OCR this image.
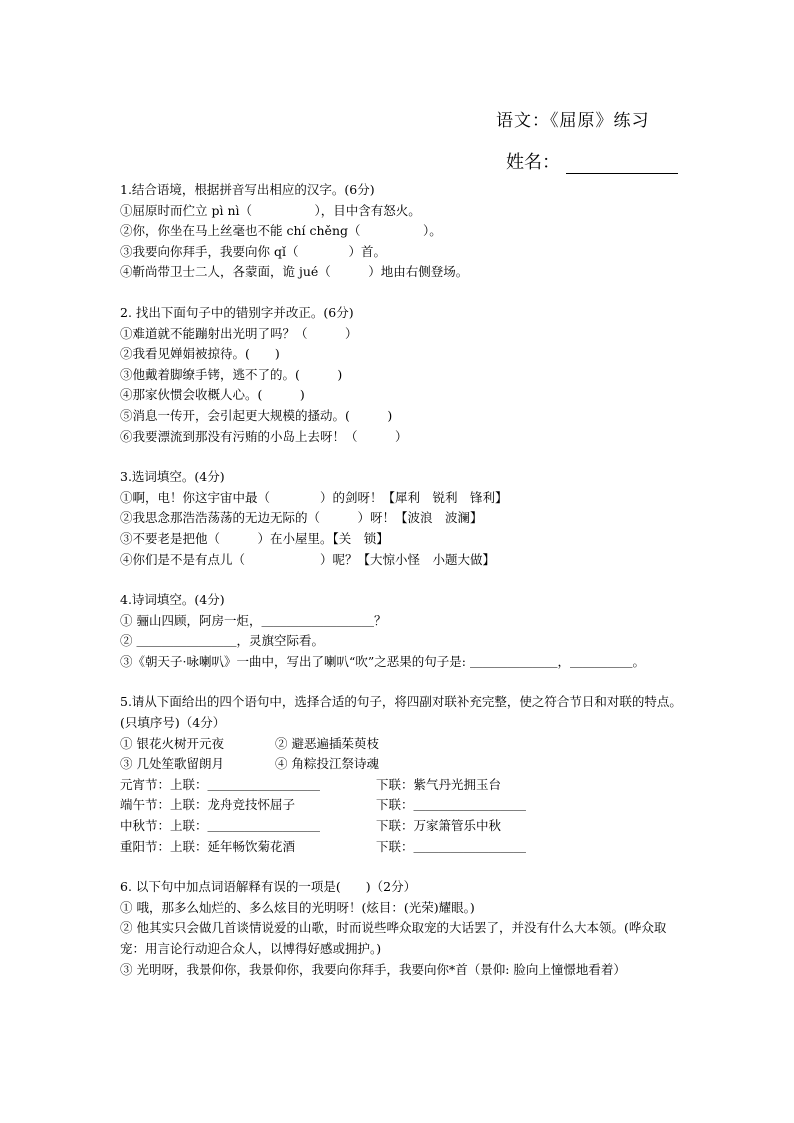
语文：《屈原》练习
姓名：
1.结合语境，根据拼音写出相应的汉字。(6分)
①屈原时而伫立 pì nì（　　　　　），目中含有怒火。
②你，你坐在马上丝毫也不能 chí chěng（　　　　　）。
③我要向你拜手，我要向你 qǐ（　　　　）首。
④靳尚带卫士二人，各蒙面，诡 jué（　　　）地由右侧登场。
2. 找出下面句子中的错别字并改正。(6分)
①难道就不能蹦射出光明了吗？（　　　）
②我看见婵娟被掠待。(　　)
③他戴着脚缭手铐，逃不了的。(　　　)
④那家伙惯会收概人心。(　　　)
⑤消息一传开，会引起更大规模的搔动。(　　　)
⑥我要漂流到那没有污贿的小岛上去呀！（　　　）
3.选词填空。(4分)
①啊，电！你这宇宙中最（　　　　）的剑呀！【犀利　锐利　锋利】
②我思念那浩浩荡荡的无边无际的（　　　）呀！【波浪　波澜】
③不要老是把他（　　　）在小屋里。【关　锁】
④你们是不是有点儿（　　　　　　）呢？【大惊小怪　小题大做】
4.诗词填空。(4分)
① 骊山四顾，阿房一炬，＿＿＿＿＿＿＿＿＿？
② ＿＿＿＿＿＿＿＿，灵旗空际看。
③《朝天子·咏喇叭》一曲中，写出了喇叭“吹”之恶果的句子是: ＿＿＿＿＿＿＿，＿＿＿＿＿。
5.请从下面给出的四个语句中，选择合适的句子，将四副对联补充完整，使之符合节日和对联的特点。(只填序号)（4分）
① 银花火树开元夜	② 避恶遍插茱萸枝
③ 几处笙歌留朗月	④ 角粽投江祭诗魂
元宵节：上联：＿＿＿＿＿＿＿＿＿	下联：紫气丹光拥玉台
端午节：上联：龙舟竞技怀屈子	下联：＿＿＿＿＿＿＿＿＿
中秋节：上联：＿＿＿＿＿＿＿＿＿	下联：万家箫管乐中秋
重阳节：上联：延年畅饮菊花酒	下联：＿＿＿＿＿＿＿＿＿
6. 以下句中加点词语解释有误的一项是(　　)（2分）
① 哦，那多么灿烂的、多么炫目的光明呀！(炫目：(光荣)耀眼。)
② 他其实只会做几首谈情说爱的山歌，时而说些哗众取宠的大话罢了，并没有什么大本领。(哗众取宠：用言论行动迎合众人，以博得好感或拥护。)
③ 光明呀，我景仰你，我景仰你，我要向你拜手，我要向你*首（景仰: 脸向上憧憬地看着）
